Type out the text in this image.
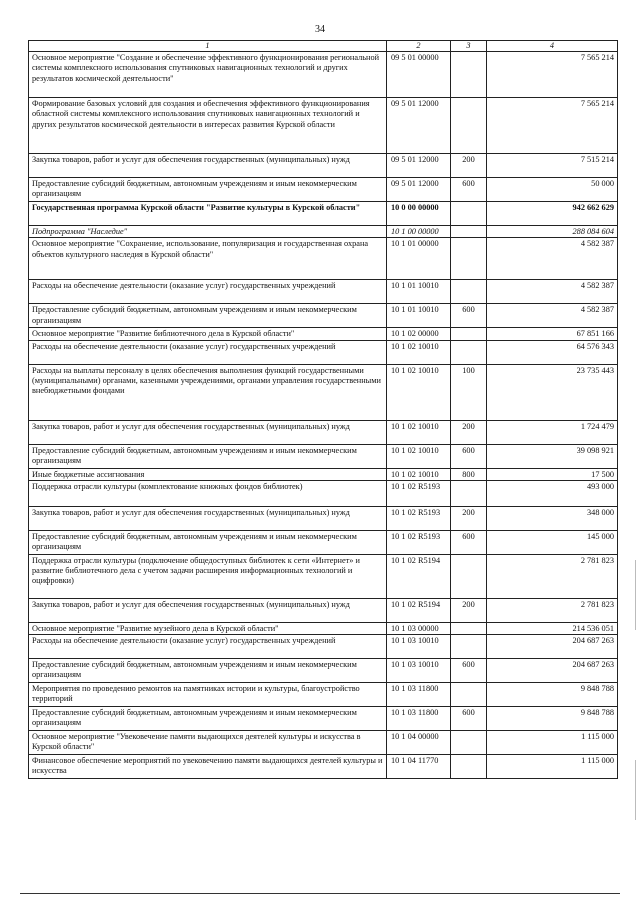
34
1	2	3	4
Основное мероприятие "Создание и обеспечение эффективного функционирования региональной системы комплексного использования спутниковых навигационных технологий и других результатов космической деятельности"	09 5 01 00000		7 565 214
Формирование базовых условий для создания и обеспечения эффективного функционирования областной системы комплексного использования спутниковых навигационных технологий и других результатов космической деятельности в интересах развития Курской области	09 5 01 12000		7 565 214
Закупка товаров, работ и услуг для обеспечения государственных (муниципальных) нужд	09 5 01 12000	200	7 515 214
Предоставление субсидий бюджетным, автономным учреждениям и иным некоммерческим организациям	09 5 01 12000	600	50 000
Государственная программа Курской области "Развитие культуры в Курской области"	10 0 00 00000		942 662 629
Подпрограмма "Наследие"	10 1 00 00000		288 084 604
Основное мероприятие "Сохранение, использование, популяризация и государственная охрана объектов культурного наследия в Курской области"	10 1 01 00000		4 582 387
Расходы на обеспечение деятельности (оказание услуг) государственных учреждений	10 1 01 10010		4 582 387
Предоставление субсидий бюджетным, автономным учреждениям и иным некоммерческим организациям	10 1 01 10010	600	4 582 387
Основное мероприятие "Развитие библиотечного дела в Курской области"	10 1 02 00000		67 851 166
Расходы на обеспечение деятельности (оказание услуг) государственных учреждений	10 1 02 10010		64 576 343
Расходы на выплаты персоналу в целях обеспечения выполнения функций государственными (муниципальными) органами, казенными учреждениями, органами управления государственными внебюджетными фондами	10 1 02 10010	100	23 735 443
Закупка товаров, работ и услуг для обеспечения государственных (муниципальных) нужд	10 1 02 10010	200	1 724 479
Предоставление субсидий бюджетным, автономным учреждениям и иным некоммерческим организациям	10 1 02 10010	600	39 098 921
Иные бюджетные ассигнования	10 1 02 10010	800	17 500
Поддержка отрасли культуры (комплектование книжных фондов библиотек)	10 1 02 R5193		493 000
Закупка товаров, работ и услуг для обеспечения государственных (муниципальных) нужд	10 1 02 R5193	200	348 000
Предоставление субсидий бюджетным, автономным учреждениям и иным некоммерческим организациям	10 1 02 R5193	600	145 000
Поддержка отрасли культуры (подключение общедоступных библиотек к сети «Интернет» и развитие библиотечного дела с учетом задачи расширения информационных технологий и оцифровки)	10 1 02 R5194		2 781 823
Закупка товаров, работ и услуг для обеспечения государственных (муниципальных) нужд	10 1 02 R5194	200	2 781 823
Основное мероприятие "Развитие музейного дела в Курской области"	10 1 03 00000		214 536 051
Расходы на обеспечение деятельности (оказание услуг) государственных учреждений	10 1 03 10010		204 687 263
Предоставление субсидий бюджетным, автономным учреждениям и иным некоммерческим организациям	10 1 03 10010	600	204 687 263
Мероприятия по проведению ремонтов на памятниках истории и культуры, благоустройство территорий	10 1 03 11800		9 848 788
Предоставление субсидий бюджетным, автономным учреждениям и иным некоммерческим организациям	10 1 03 11800	600	9 848 788
Основное мероприятие "Увековечение памяти выдающихся деятелей культуры и искусства в Курской области"	10 1 04 00000		1 115 000
Финансовое обеспечение мероприятий по увековечению памяти выдающихся деятелей культуры и искусства	10 1 04 11770		1 115 000
